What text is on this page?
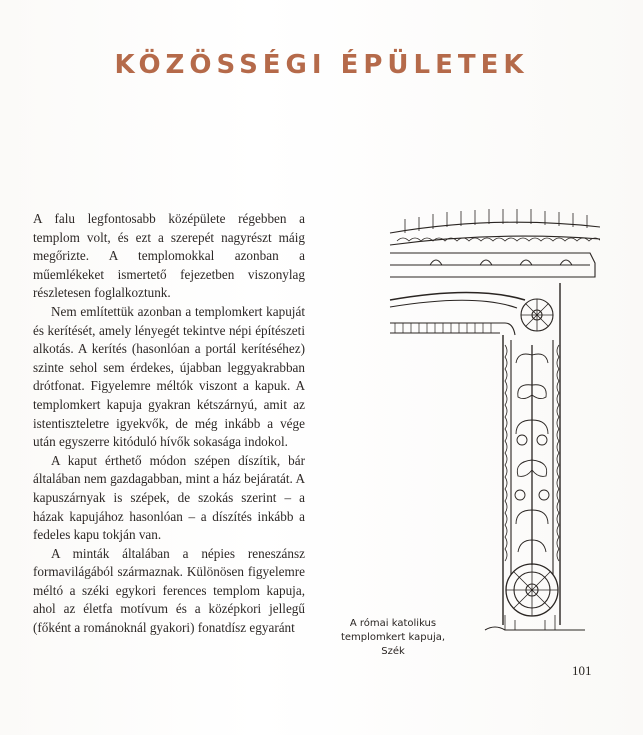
KÖZÖSSÉGI ÉPÜLETEK

A falu legfontosabb középülete régebben a templom volt, és ezt a szerepét nagyrészt máig megőrizte. A templomokkal azonban a műemlékeket ismertető fejezetben viszonylag részletesen foglalkoztunk.

Nem említettük azonban a templomkert kapuját és kerítését, amely lényegét tekintve népi építészeti alkotás. A kerítés (hasonlóan a portál kerítéséhez) szinte sehol sem érdekes, újabban leggyakrabban drótfonat. Figyelemre méltók viszont a kapuk. A templomkert kapuja gyakran kétszárnyú, amit az istentiszteletre igyekvők, de még inkább a vége után egyszerre kitóduló hívők sokasága indokol.

A kaput érthető módon szépen díszítik, bár általában nem gazdagabban, mint a ház bejáratát. A kapuszárnyak is szépek, de szokás szerint – a házak kapujához hasonlóan – a díszítés inkább a fedeles kapu tokján van.

A minták általában a népies reneszánsz formavilágából származnak. Különösen figyelemre méltó a széki egykori ferences templom kapuja, ahol az életfa motívum és a középkori jellegű (főként a románoknál gyakori) fonatdísz egyaránt	A római katolikus
templomkert kapuja, Szék
101
